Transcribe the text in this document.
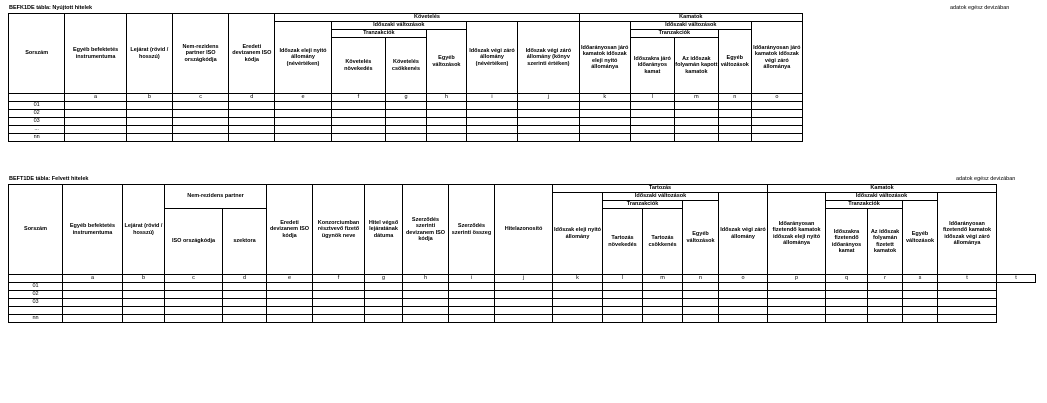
BEFK1DE tábla: Nyújtott hitelek	adatok egész devizában
Sorszám	Egyéb befektetés instrumentuma	Lejárat (rövid / hosszú)	Nem-rezidens partner ISO országkódja	Eredeti devizanem ISO kódja	Követelés						Kamatok				
					Időszak eleji nyitó állomány (névértéken)	Időszaki változások			Időszak végi záró állomány (névértéken)	Időszak végi záró állomány (könyv szerinti értéken)	Időarányosan járó kamatok időszak eleji nyitó állománya	Időszaki változások			Időarányosan járó kamatok időszak végi záró állománya
						Tranzakciók		Egyéb változások				Tranzakciók		Egyéb változások	
						Követelés növekedés	Követelés csökkenés					Időszakra járó időarányos kamat	Az időszak folyamán kapott kamatok		

	a	b	c	d	e	f	g	h	i	j	k	l	m	n	o
01															
02															
03															
...															
nn															
BEFT1DE tábla: Felvett hitelek	adatok egész devizában
Sorszám	Egyéb befektetés instrumentuma	Lejárat (rövid / hosszú)	Nem-rezidens partner		Eredeti devizanem ISO kódja	Konzorciumban résztvevő fizető ügynök neve	Hitel végső lejáratának dátuma	Szerződés szerinti devizanem ISO kódja	Szerződés szerinti összeg	Hitelazonosító	Tartozás					Kamatok					
											Időszak eleji nyitó állomány	Időszaki változások			Időszak végi záró állomány	Időarányosan fizetendő kamatok időszak eleji nyitó állománya	Időszaki változások			Időarányosan fizetendő kamatok időszak végi záró állománya	
												Tranzakciók		Egyéb változások			Tranzakciók		Egyéb változások		
			ISO országkódja	szektora								Tartozás növekedés	Tartozás csökkenés				Időszakra fizetendő időarányos kamat	Az időszak folyamán fizetett kamatok			

	a	b	c	d	e	f	g	h	i	j	k	l	m	n	o	p	q	r	s	t	t
01																					
02																					
03																					

nn																					
